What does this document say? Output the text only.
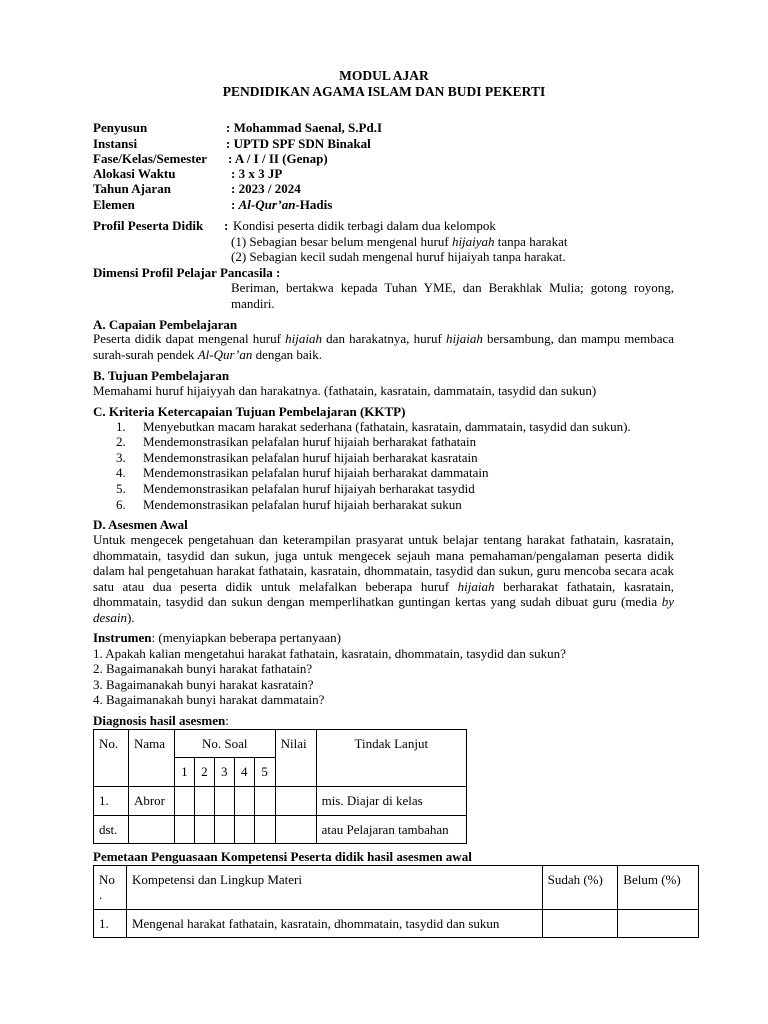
MODUL AJAR
PENDIDIKAN AGAMA ISLAM DAN BUDI PEKERTI
Penyusun	: Mohammad Saenal, S.Pd.I
Instansi	: UPTD SPF SDN Binakal
Fase/Kelas/Semester : A / I / II (Genap)
Alokasi Waktu	: 3 x 3 JP
Tahun Ajaran	: 2023 / 2024
Elemen	: Al-Qur’an-Hadis
Profil Peserta Didik : Kondisi peserta didik terbagi dalam dua kelompok
(1) Sebagian besar belum mengenal huruf hijaiyah tanpa harakat
(2) Sebagian kecil sudah mengenal huruf hijaiyah tanpa harakat.
Dimensi Profil Pelajar Pancasila :
Beriman, bertakwa kepada Tuhan YME, dan Berakhlak Mulia; gotong royong, mandiri.
A. Capaian Pembelajaran
Peserta didik dapat mengenal huruf hijaiah dan harakatnya, huruf hijaiah bersambung, dan mampu membaca surah-surah pendek Al-Qur’an dengan baik.
B. Tujuan Pembelajaran
Memahami huruf hijaiyyah dan harakatnya. (fathatain, kasratain, dammatain, tasydid dan sukun)
C. Kriteria Ketercapaian Tujuan Pembelajaran (KKTP)
1. Menyebutkan macam harakat sederhana (fathatain, kasratain, dammatain, tasydid dan sukun).
2. Mendemonstrasikan pelafalan huruf hijaiah berharakat fathatain
3. Mendemonstrasikan pelafalan huruf hijaiah berharakat kasratain
4. Mendemonstrasikan pelafalan huruf hijaiah berharakat dammatain
5. Mendemonstrasikan pelafalan huruf hijaiyah berharakat tasydid
6. Mendemonstrasikan pelafalan huruf hijaiah berharakat sukun
D. Asesmen Awal
Untuk mengecek pengetahuan dan keterampilan prasyarat untuk belajar tentang harakat fathatain, kasratain, dhommatain, tasydid dan sukun, juga untuk mengecek sejauh mana pemahaman/pengalaman peserta didik dalam hal pengetahuan harakat fathatain, kasratain, dhommatain, tasydid dan sukun, guru mencoba secara acak satu atau dua peserta didik untuk melafalkan beberapa huruf hijaiah berharakat fathatain, kasratain, dhommatain, tasydid dan sukun dengan memperlihatkan guntingan kertas yang sudah dibuat guru (media by desain).
Instrumen: (menyiapkan beberapa pertanyaan)
1. Apakah kalian mengetahui harakat fathatain, kasratain, dhommatain, tasydid dan sukun?
2. Bagaimanakah bunyi harakat fathatain?
3. Bagaimanakah bunyi harakat kasratain?
4. Bagaimanakah bunyi harakat dammatain?
Diagnosis hasil asesmen:
No.	Nama	No. Soal					Nilai	Tindak Lanjut
		1	2	3	4	5		
1.	Abror							mis. Diajar di kelas
dst.								atau Pelajaran tambahan
Pemetaan Penguasaan Kompetensi Peserta didik hasil asesmen awal
No
.	Kompetensi dan Lingkup Materi	Sudah (%)	Belum (%)
1.	Mengenal harakat fathatain, kasratain, dhommatain, tasydid dan sukun		
